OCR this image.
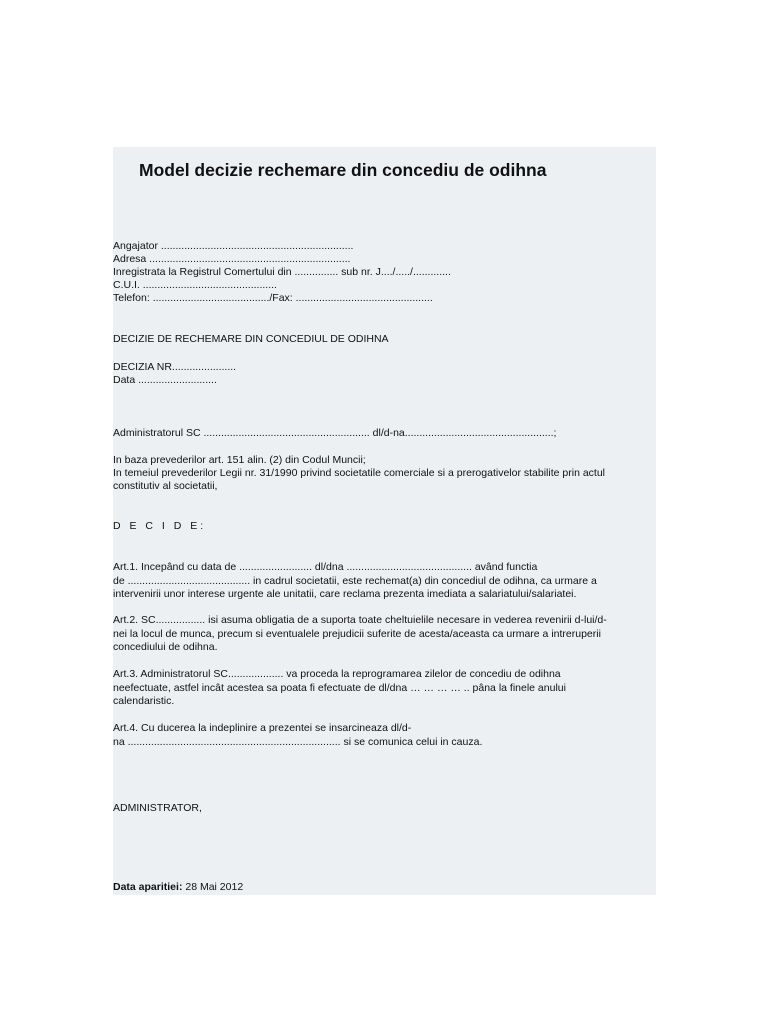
Model decizie rechemare din concediu de odihna
Angajator ..................................................................
Adresa .....................................................................
Inregistrata la Registrul Comertului din ............... sub nr. J..../...../.............
C.U.I. ..............................................
Telefon: ......................................../Fax: ...............................................
DECIZIE DE RECHEMARE DIN CONCEDIUL DE ODIHNA
DECIZIA NR......................
Data ...........................
Administratorul SC ......................................................... dl/d-na...................................................;
In baza prevederilor art. 151 alin. (2) din Codul Muncii;
In temeiul prevederilor Legii nr. 31/1990 privind societatile comerciale si a prerogativelor stabilite prin actul
constitutiv al societatii,
D E C I D E:
Art.1. Incepând cu data de ......................... dl/dna ........................................... având functia
de .......................................... in cadrul societatii, este rechemat(a) din concediul de odihna, ca urmare a
intervenirii unor interese urgente ale unitatii, care reclama prezenta imediata a salariatului/salariatei.
Art.2. SC................. isi asuma obligatia de a suporta toate cheltuielile necesare in vederea revenirii d-lui/d-
nei la locul de munca, precum si eventualele prejudicii suferite de acesta/aceasta ca urmare a intreruperii
concediului de odihna.
Art.3. Administratorul SC................... va proceda la reprogramarea zilelor de concediu de odihna
neefectuate, astfel incât acestea sa poata fi efectuate de dl/dna … … … … .. pâna la finele anului
calendaristic.
Art.4. Cu ducerea la indeplinire a prezentei se insarcineaza dl/d-
na ......................................................................... si se comunica celui in cauza.
ADMINISTRATOR,
Data aparitiei: 28 Mai 2012
